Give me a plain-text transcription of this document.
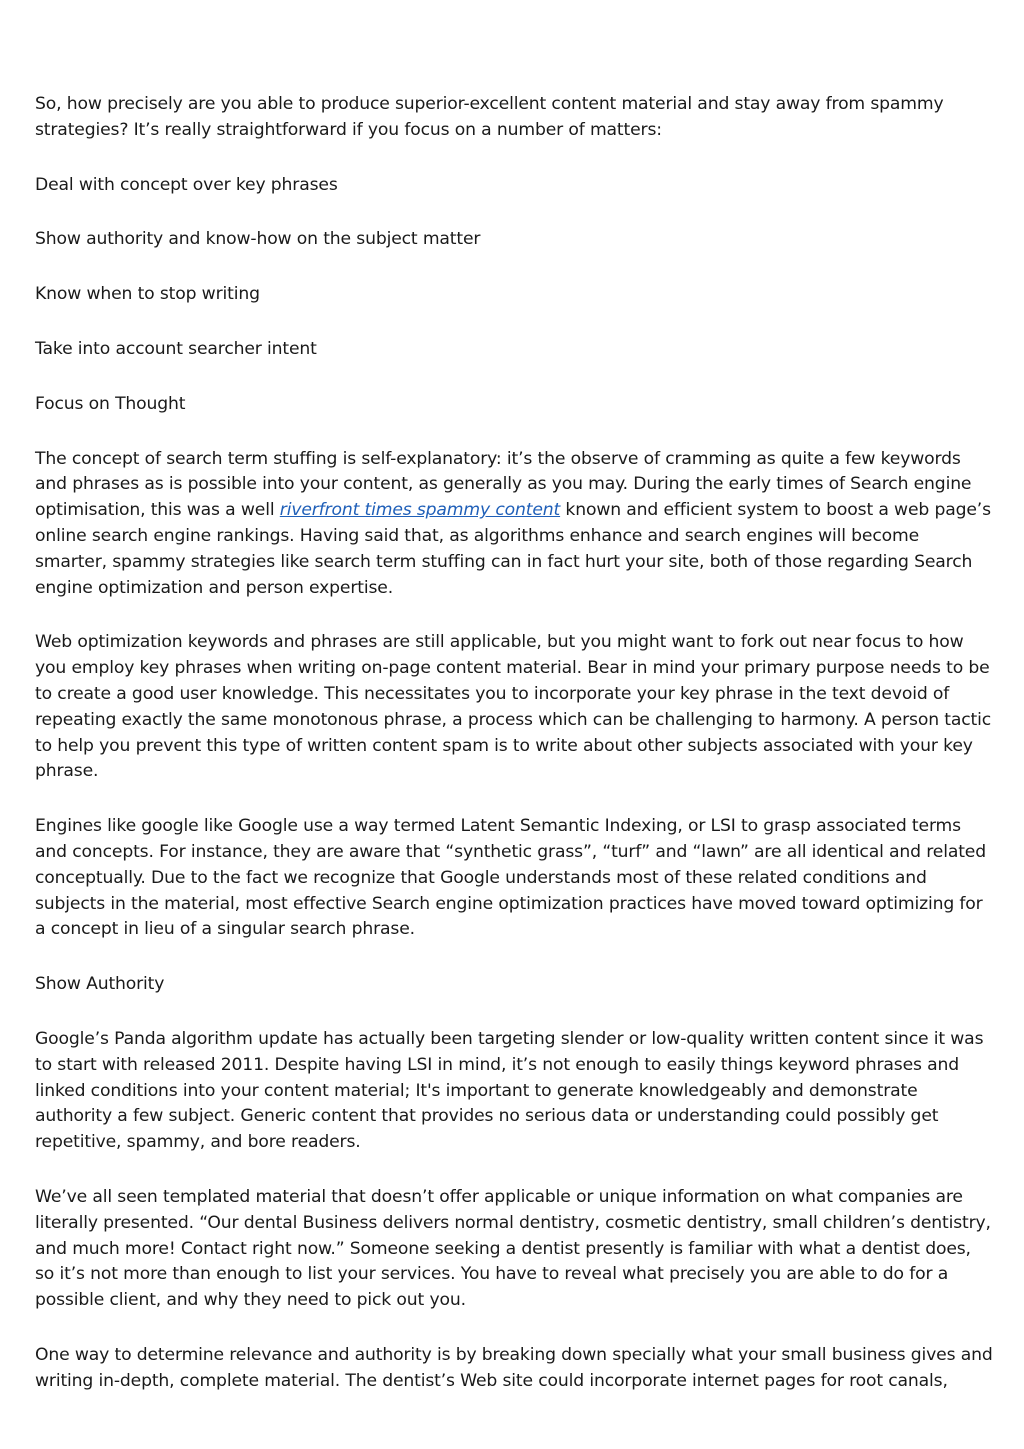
So, how precisely are you able to produce superior-excellent content material and stay away from spammy strategies? It’s really straightforward if you focus on a number of matters:

Deal with concept over key phrases

Show authority and know-how on the subject matter

Know when to stop writing

Take into account searcher intent

Focus on Thought

The concept of search term stuffing is self-explanatory: it’s the observe of cramming as quite a few keywords and phrases as is possible into your content, as generally as you may. During the early times of Search engine optimisation, this was a well riverfront times spammy content known and efficient system to boost a web page’s online search engine rankings. Having said that, as algorithms enhance and search engines will become smarter, spammy strategies like search term stuffing can in fact hurt your site, both of those regarding Search engine optimization and person expertise.

Web optimization keywords and phrases are still applicable, but you might want to fork out near focus to how you employ key phrases when writing on-page content material. Bear in mind your primary purpose needs to be to create a good user knowledge. This necessitates you to incorporate your key phrase in the text devoid of repeating exactly the same monotonous phrase, a process which can be challenging to harmony. A person tactic to help you prevent this type of written content spam is to write about other subjects associated with your key phrase.

Engines like google like Google use a way termed Latent Semantic Indexing, or LSI to grasp associated terms and concepts. For instance, they are aware that “synthetic grass”, “turf” and “lawn” are all identical and related conceptually. Due to the fact we recognize that Google understands most of these related conditions and subjects in the material, most effective Search engine optimization practices have moved toward optimizing for a concept in lieu of a singular search phrase.

Show Authority

Google’s Panda algorithm update has actually been targeting slender or low-quality written content since it was to start with released 2011. Despite having LSI in mind, it’s not enough to easily things keyword phrases and linked conditions into your content material; It's important to generate knowledgeably and demonstrate authority a few subject. Generic content that provides no serious data or understanding could possibly get repetitive, spammy, and bore readers.

We’ve all seen templated material that doesn’t offer applicable or unique information on what companies are literally presented. “Our dental Business delivers normal dentistry, cosmetic dentistry, small children’s dentistry, and much more! Contact right now.” Someone seeking a dentist presently is familiar with what a dentist does, so it’s not more than enough to list your services. You have to reveal what precisely you are able to do for a possible client, and why they need to pick out you.

One way to determine relevance and authority is by breaking down specially what your small business gives and writing in-depth, complete material. The dentist’s Web site could incorporate internet pages for root canals,
